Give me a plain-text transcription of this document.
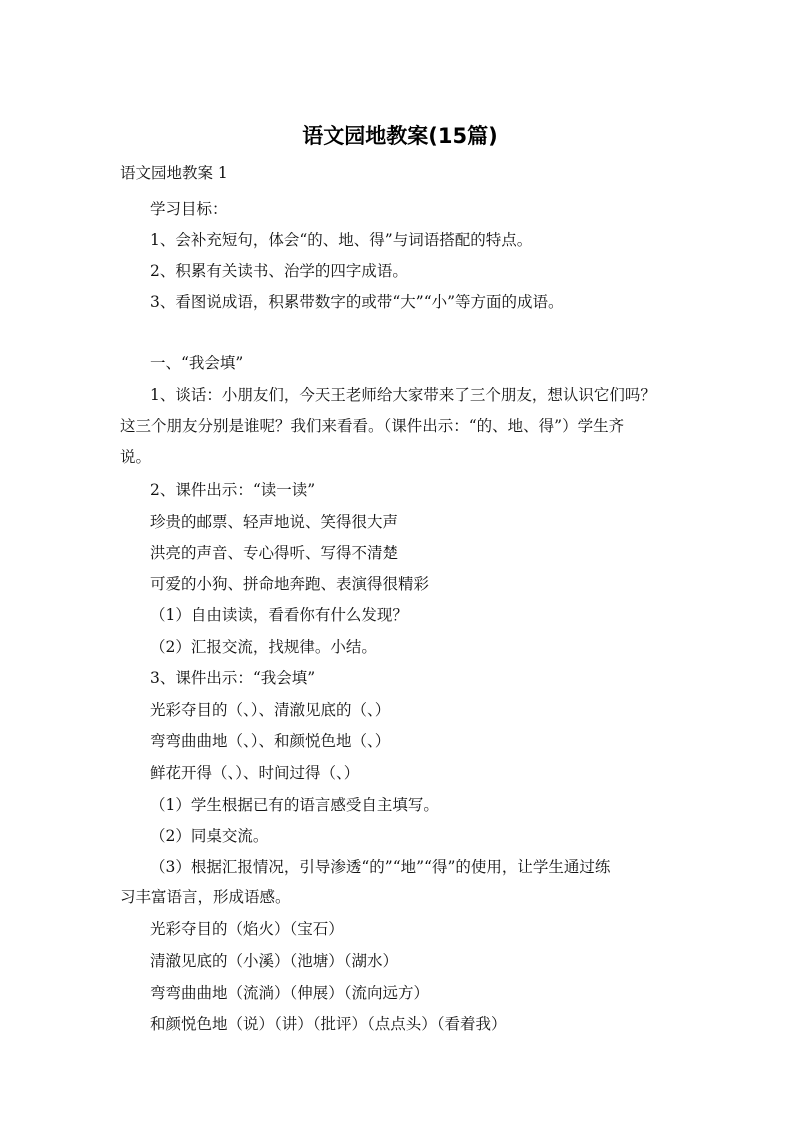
语文园地教案(15篇)

语文园地教案 1

学习目标：

1、会补充短句，体会“的、地、得”与词语搭配的特点。

2、积累有关读书、治学的四字成语。

3、看图说成语，积累带数字的或带“大”“小”等方面的成语。

一、“我会填”

1、谈话：小朋友们，今天王老师给大家带来了三个朋友，想认识它们吗？

这三个朋友分别是谁呢？我们来看看。（课件出示：“的、地、得”）学生齐

说。

2、课件出示：“读一读”

珍贵的邮票、轻声地说、笑得很大声

洪亮的声音、专心得听、写得不清楚

可爱的小狗、拼命地奔跑、表演得很精彩

（1）自由读读，看看你有什么发现？

（2）汇报交流，找规律。小结。

3、课件出示：“我会填”

光彩夺目的（、）、清澈见底的（、）

弯弯曲曲地（、）、和颜悦色地（、）

鲜花开得（、）、时间过得（、）

（1）学生根据已有的语言感受自主填写。

（2）同桌交流。

（3）根据汇报情况，引导渗透“的”“地”“得”的使用，让学生通过练

习丰富语言，形成语感。

光彩夺目的（焰火）（宝石）

清澈见底的（小溪）（池塘）（湖水）

弯弯曲曲地（流淌）（伸展）（流向远方）

和颜悦色地（说）（讲）（批评）（点点头）（看着我）
